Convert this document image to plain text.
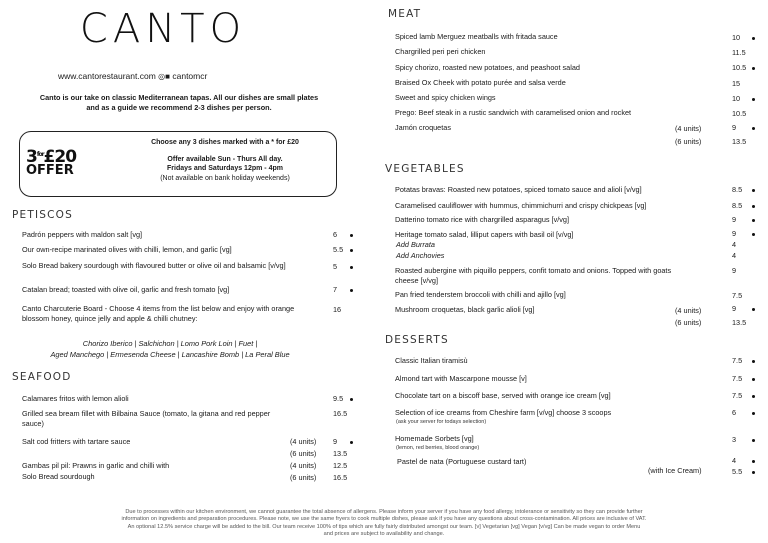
CANTO
www.cantorestaurant.com ◎■ cantomcr
Canto is our take on classic Mediterranean tapas. All our dishes are small plates
and as a guide we recommend 2-3 dishes per person.
$3^{for}£20$
OFFER
Choose any 3 dishes marked with a * for £20
Offer available Sun - Thurs All day.
Fridays and Saturdays 12pm - 4pm
(Not available on bank holiday weekends)
PETISCOS
Padrón peppers with maldon salt [vg]	6
Our own-recipe marinated olives with chilli, lemon, and garlic [vg]	5.5
Solo Bread bakery sourdough with flavoured butter or olive oil and balsamic [v/vg]	5
Catalan bread; toasted with olive oil, garlic and fresh tomato [vg]	7
Canto Charcuterie Board - Choose 4 items from the list below and enjoy with orange blossom honey, quince jelly and apple & chilli chutney:
16
Chorizo Iberico | Salchichon | Lomo Pork Loin | Fuet |
Aged Manchego | Ermesenda Cheese | Lancashire Bomb | La Peral Blue
SEAFOOD
Calamares fritos with lemon alioli	9.5
Grilled sea bream fillet with Bilbaina Sauce (tomato, la gitana and red pepper sauce)
16.5
Salt cod fritters with tartare sauce	(4 units) 9
(6 units) 13.5
Gambas pil pil: Prawns in garlic and chilli with
Solo Bread sourdough
(4 units) 12.5
(6 units) 16.5
MEAT
Spiced lamb Merguez meatballs with fritada sauce	10
Chargrilled peri peri chicken	11.5
Spicy chorizo, roasted new potatoes, and peashoot salad	10.5
Braised Ox Cheek with potato purée and salsa verde	15
Sweet and spicy chicken wings	10
Prego: Beef steak in a rustic sandwich with caramelised onion and rocket	10.5
Jamón croquetas	(4 units)	9
(6 units)	13.5
VEGETABLES
Potatas bravas: Roasted new potatoes, spiced tomato sauce and alioli [v/vg]	8.5
Caramelised cauliflower with hummus, chimmichurri and crispy chickpeas [vg]	8.5
Datterino tomato rice with chargrilled asparagus [v/vg]	9
Heritage tomato salad, lilliput capers with basil oil [v/vg]	9
Add Burrata	4
Add Anchovies	4
Roasted aubergine with piquillo peppers, confit tomato and onions. Topped with goats cheese [v/vg]
9
Pan fried tenderstem broccoli with chilli and ajillo [vg]	7.5
Mushroom croquetas, black garlic alioli [vg]	(4 units)	9
(6 units)	13.5
DESSERTS
Classic Italian tiramisù	7.5
Almond tart with Mascarpone mousse [v]	7.5
Chocolate tart on a biscoff base, served with orange ice cream [vg]	7.5
Selection of ice creams from Cheshire farm [v/vg] choose 3 scoops
(ask your server for todays selection)
6
Homemade Sorbets [vg]
(lemon, red berries, blood orange)
3
Pastel de nata (Portuguese custard tart)	4
(with Ice Cream)	5.5
Due to processes within our kitchen environment, we cannot guarantee the total absence of allergens. Please inform your server if you have any food allergy, intolerance or sensitivity so they can provide further
information on ingredients and preparation procedures. Please note, we use the same fryers to cook multiple dishes, please ask if you have any questions about cross-contamination. All prices are inclusive of VAT.
An optional 12.5% service charge will be added to the bill. Our team receive 100% of tips which are fully fairly distributed amongst our team. [v] Vegetarian [vg] Vegan [v/vg] Can be made vegan to order Menu
and prices are subject to availability and change.
